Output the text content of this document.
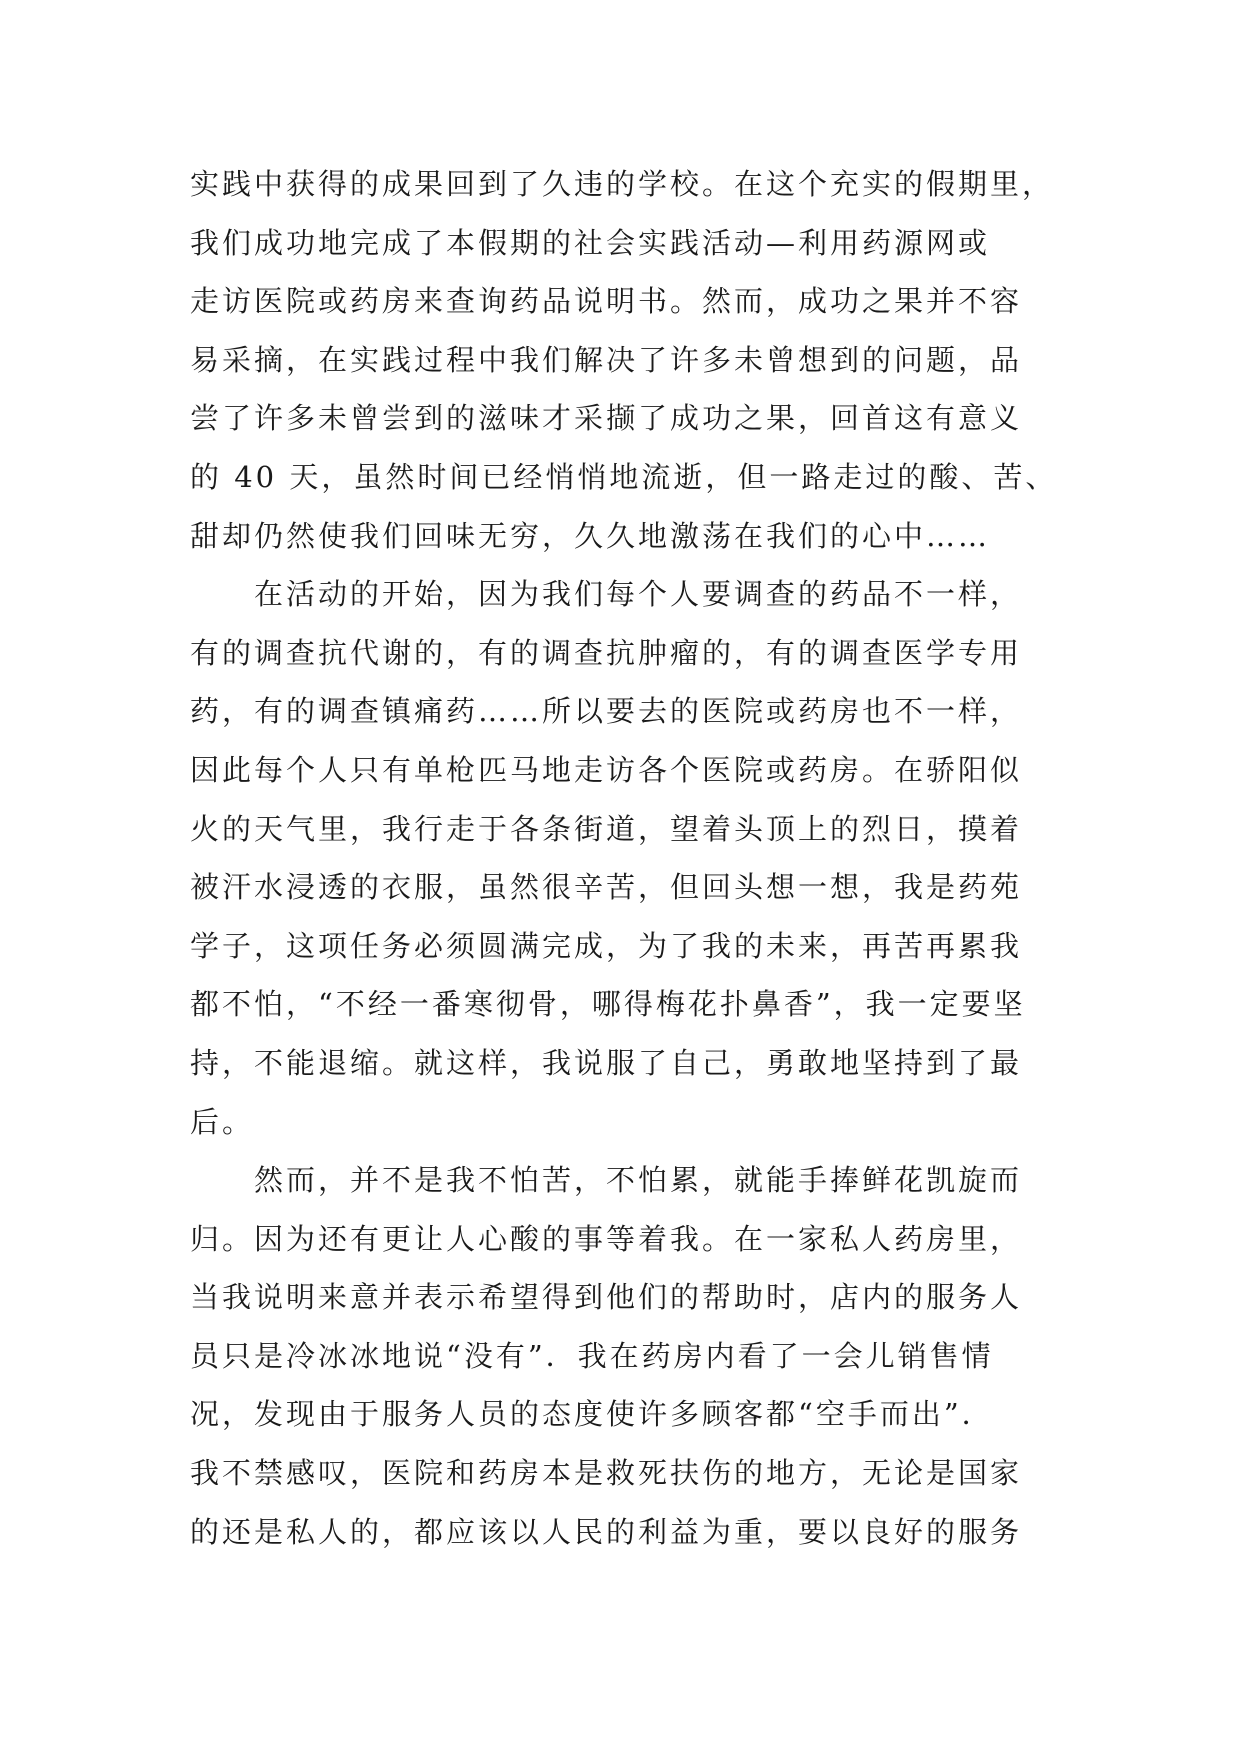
实践中获得的成果回到了久违的学校。在这个充实的假期里，
我们成功地完成了本假期的社会实践活动—利用药源网或
走访医院或药房来查询药品说明书。然而，成功之果并不容
易采摘，在实践过程中我们解决了许多未曾想到的问题，品
尝了许多未曾尝到的滋味才采撷了成功之果，回首这有意义
的 40 天，虽然时间已经悄悄地流逝，但一路走过的酸、苦、
甜却仍然使我们回味无穷，久久地激荡在我们的心中……
　　在活动的开始，因为我们每个人要调查的药品不一样，
有的调查抗代谢的，有的调查抗肿瘤的，有的调查医学专用
药，有的调查镇痛药……所以要去的医院或药房也不一样，
因此每个人只有单枪匹马地走访各个医院或药房。在骄阳似
火的天气里，我行走于各条街道，望着头顶上的烈日，摸着
被汗水浸透的衣服，虽然很辛苦，但回头想一想，我是药苑
学子，这项任务必须圆满完成，为了我的未来，再苦再累我
都不怕，“不经一番寒彻骨，哪得梅花扑鼻香”，我一定要坚
持，不能退缩。就这样，我说服了自己，勇敢地坚持到了最
后。
　　然而，并不是我不怕苦，不怕累，就能手捧鲜花凯旋而
归。因为还有更让人心酸的事等着我。在一家私人药房里，
当我说明来意并表示希望得到他们的帮助时，店内的服务人
员只是冷冰冰地说“没有”．我在药房内看了一会儿销售情
况，发现由于服务人员的态度使许多顾客都“空手而出”．
我不禁感叹，医院和药房本是救死扶伤的地方，无论是国家
的还是私人的，都应该以人民的利益为重，要以良好的服务
